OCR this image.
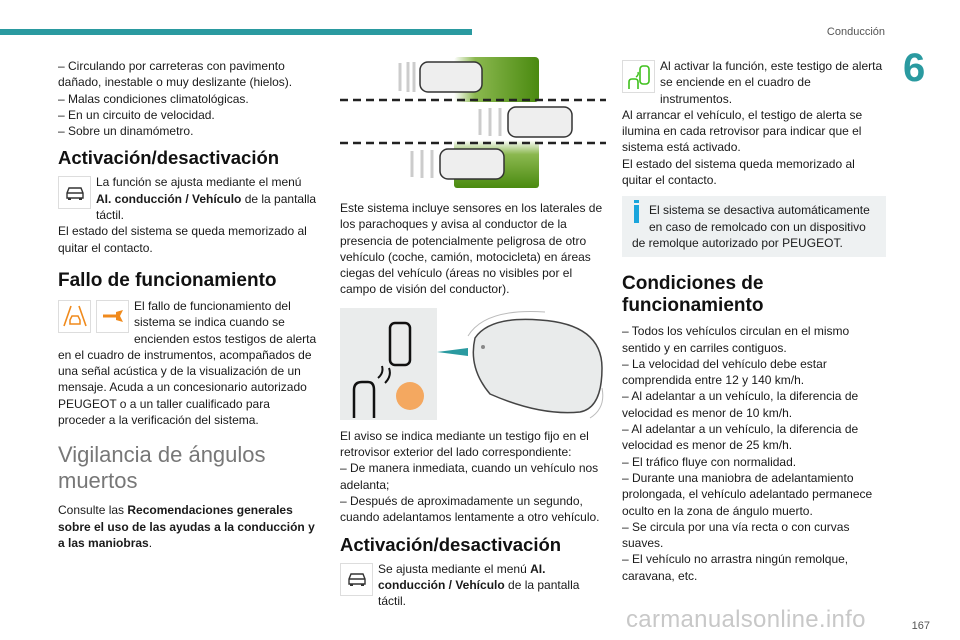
Conducción
6

– Circulando por carreteras con pavimento dañado, inestable o muy deslizante (hielos).

– Malas condiciones climatológicas.

– En un circuito de velocidad.

– Sobre un dinamómetro.

Activación/desactivación

La función se ajusta mediante el menú AI. conducción / Vehículo de la pantalla táctil.

El estado del sistema se queda memorizado al quitar el contacto.

Fallo de funcionamiento

El fallo de funcionamiento del sistema se indica cuando se encienden estos testigos de alerta en el cuadro de instrumentos, acompañados de una señal acústica y de la visualización de un mensaje. Acuda a un concesionario autorizado PEUGEOT o a un taller cualificado para proceder a la verificación del sistema.

Vigilancia de ángulos muertos

Consulte las Recomendaciones generales sobre el uso de las ayudas a la conducción y a las maniobras.

Este sistema incluye sensores en los laterales de los parachoques y avisa al conductor de la presencia de potencialmente peligrosa de otro vehículo (coche, camión, motocicleta) en áreas ciegas del vehículo (áreas no visibles por el campo de visión del conductor).

El aviso se indica mediante un testigo fijo en el retrovisor exterior del lado correspondiente:

– De manera inmediata, cuando un vehículo nos adelanta;

– Después de aproximadamente un segundo, cuando adelantamos lentamente a otro vehículo.

Activación/desactivación

Se ajusta mediante el menú AI. conducción / Vehículo de la pantalla táctil.

Al activar la función, este testigo de alerta se enciende en el cuadro de instrumentos.

Al arrancar el vehículo, el testigo de alerta se ilumina en cada retrovisor para indicar que el sistema está activado.

El estado del sistema queda memorizado al quitar el contacto.

El sistema se desactiva automáticamente en caso de remolcado con un dispositivo de remolque autorizado por PEUGEOT.

Condiciones de funcionamiento

– Todos los vehículos circulan en el mismo sentido y en carriles contiguos.

– La velocidad del vehículo debe estar comprendida entre 12 y 140 km/h.

– Al adelantar a un vehículo, la diferencia de velocidad es menor de 10 km/h.

– Al adelantar a un vehículo, la diferencia de velocidad es menor de 25 km/h.

– El tráfico fluye con normalidad.

– Durante una maniobra de adelantamiento prolongada, el vehículo adelantado permanece oculto en la zona de ángulo muerto.

– Se circula por una vía recta o con curvas suaves.

– El vehículo no arrastra ningún remolque, caravana, etc.

carmanualsonline.info	167
